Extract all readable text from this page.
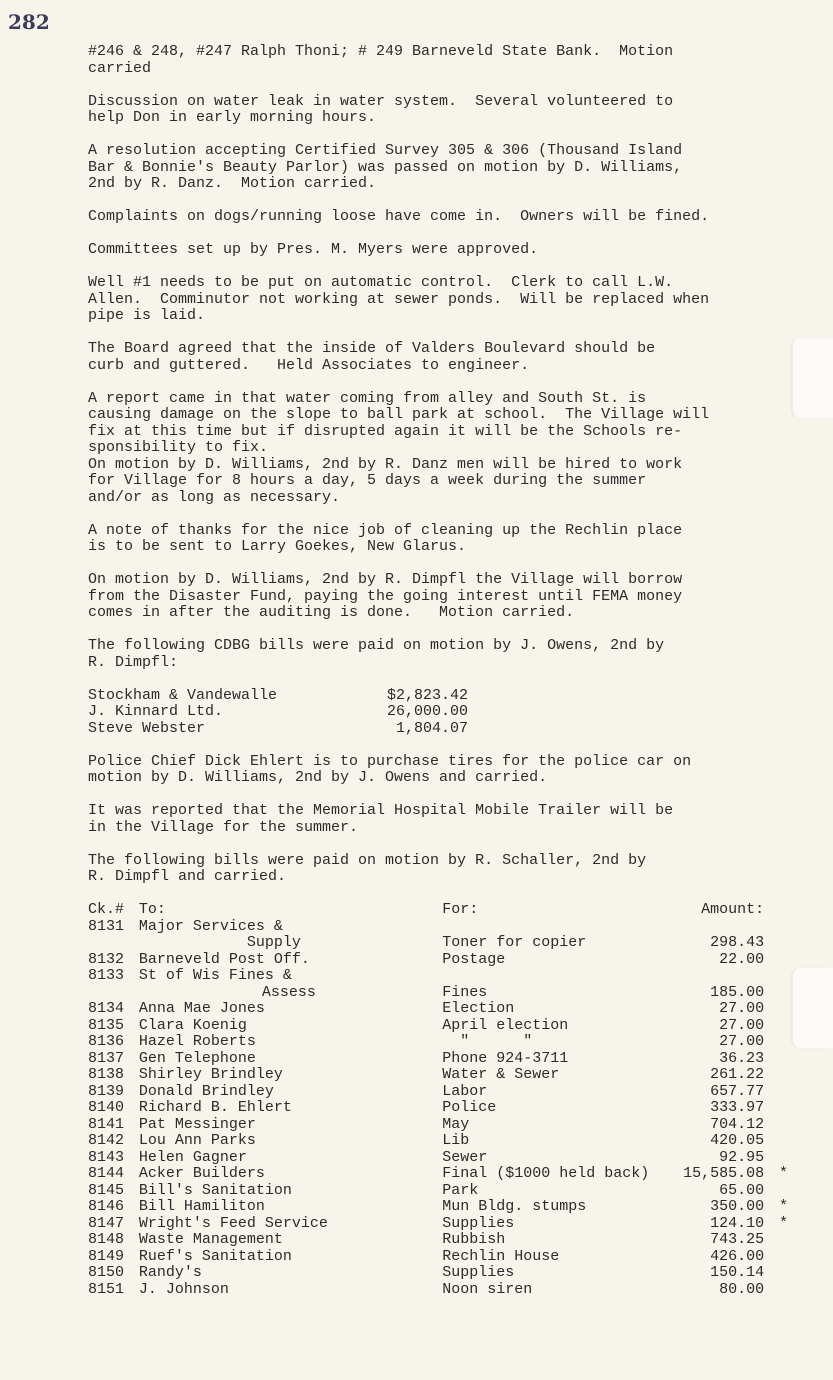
282
#246 & 248, #247 Ralph Thoni; # 249 Barneveld State Bank.  Motion
carried
Discussion on water leak in water system.  Several volunteered to
help Don in early morning hours.
A resolution accepting Certified Survey 305 & 306 (Thousand Island
Bar & Bonnie's Beauty Parlor) was passed on motion by D. Williams,
2nd by R. Danz.  Motion carried.
Complaints on dogs/running loose have come in.  Owners will be fined.
Committees set up by Pres. M. Myers were approved.
Well #1 needs to be put on automatic control.  Clerk to call L.W.
Allen.  Comminutor not working at sewer ponds.  Will be replaced when
pipe is laid.
The Board agreed that the inside of Valders Boulevard should be
curb and guttered.   Held Associates to engineer.
A report came in that water coming from alley and South St. is
causing damage on the slope to ball park at school.  The Village will
fix at this time but if disrupted again it will be the Schools re-
sponsibility to fix.
On motion by D. Williams, 2nd by R. Danz men will be hired to work
for Village for 8 hours a day, 5 days a week during the summer
and/or as long as necessary.
A note of thanks for the nice job of cleaning up the Rechlin place
is to be sent to Larry Goekes, New Glarus.
On motion by D. Williams, 2nd by R. Dimpfl the Village will borrow
from the Disaster Fund, paying the going interest until FEMA money
comes in after the auditing is done.   Motion carried.
The following CDBG bills were paid on motion by J. Owens, 2nd by
R. Dimpfl:
Stockham & Vandewalle	$2,823.42
J. Kinnard Ltd.	26,000.00
Steve Webster	1,804.07
Police Chief Dick Ehlert is to purchase tires for the police car on
motion by D. Williams, 2nd by J. Owens and carried.
It was reported that the Memorial Hospital Mobile Trailer will be
in the Village for the summer.
The following bills were paid on motion by R. Schaller, 2nd by
R. Dimpfl and carried.
Ck.#	To:	For:	Amount:	
8131	Major Services &			
	Supply	Toner for copier	298.43	
8132	Barneveld Post Off.	Postage	22.00	
8133	St of Wis Fines &			
	Assess	Fines	185.00	
8134	Anna Mae Jones	Election	27.00	
8135	Clara Koenig	April election	27.00	
8136	Hazel Roberts	"      "	27.00	
8137	Gen Telephone	Phone 924-3711	36.23	
8138	Shirley Brindley	Water & Sewer	261.22	
8139	Donald Brindley	Labor	657.77	
8140	Richard B. Ehlert	Police	333.97	
8141	Pat Messinger	May	704.12	
8142	Lou Ann Parks	Lib	420.05	
8143	Helen Gagner	Sewer	92.95	
8144	Acker Builders	Final ($1000 held back)	15,585.08	*
8145	Bill's Sanitation	Park	65.00	
8146	Bill Hamiliton	Mun Bldg. stumps	350.00	*
8147	Wright's Feed Service	Supplies	124.10	*
8148	Waste Management	Rubbish	743.25	
8149	Ruef's Sanitation	Rechlin House	426.00	
8150	Randy's	Supplies	150.14	
8151	J. Johnson	Noon siren	80.00	
